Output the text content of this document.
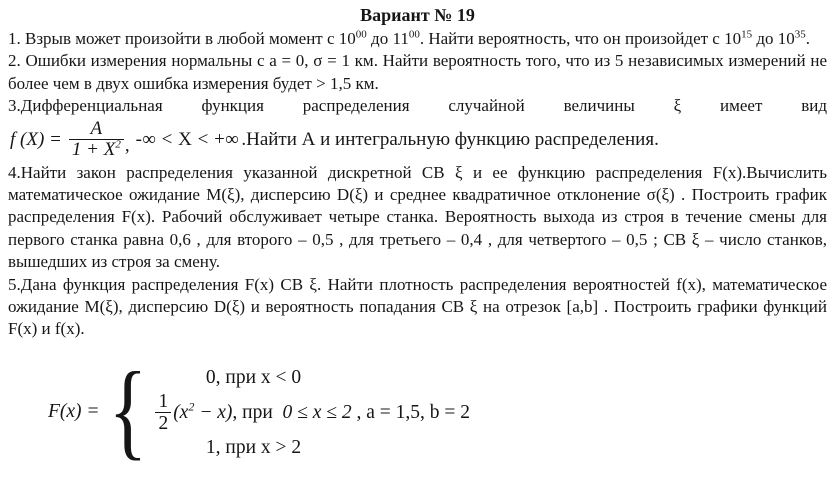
Вариант № 19

1. Взрыв может произойти в любой момент с $10^{00}$ до $11^{00}$. Найти вероятность, что он произойдет с $10^{15}$ до $10^{35}$.

2. Ошибки измерения нормальны с a = 0, σ = 1 км. Найти вероятность того, что из 5 независимых измерений не более чем в двух ошибка измерения будет > 1,5 км.

3.Дифференциальная функция распределения случайной величины ξ имеет вид

f $(X) = \frac{A}{1 + X^2}$ , -∞ < X < +∞ .Найти А и интегральную функцию распределения.

4.Найти закон распределения указанной дискретной СВ ξ и ее функцию распределения F(x).Вычислить математическое ожидание М(ξ), дисперсию D(ξ) и среднее квадратичное отклонение σ(ξ) . Построить график распределения F(x). Рабочий обслуживает четыре станка. Вероятность выхода из строя в течение смены для первого станка равна 0,6 , для второго – 0,5 , для третьего – 0,4 , для четвертого – 0,5 ; СВ ξ – число станков, вышедших из строя за смену.

5.Дана функция распределения F(x) СВ ξ. Найти плотность распределения вероятностей f(x), математическое ожидание М(ξ), дисперсию D(ξ) и вероятность попадания СВ ξ на отрезок [a,b] . Построить графики функций F(x) и f(x).

F(x) = {	0, при x < 0
$\frac{1}{2} (x^2 - x)$, при  0 ≤ x ≤ 2 , a = 1,5, b = 2
1, при x > 2
